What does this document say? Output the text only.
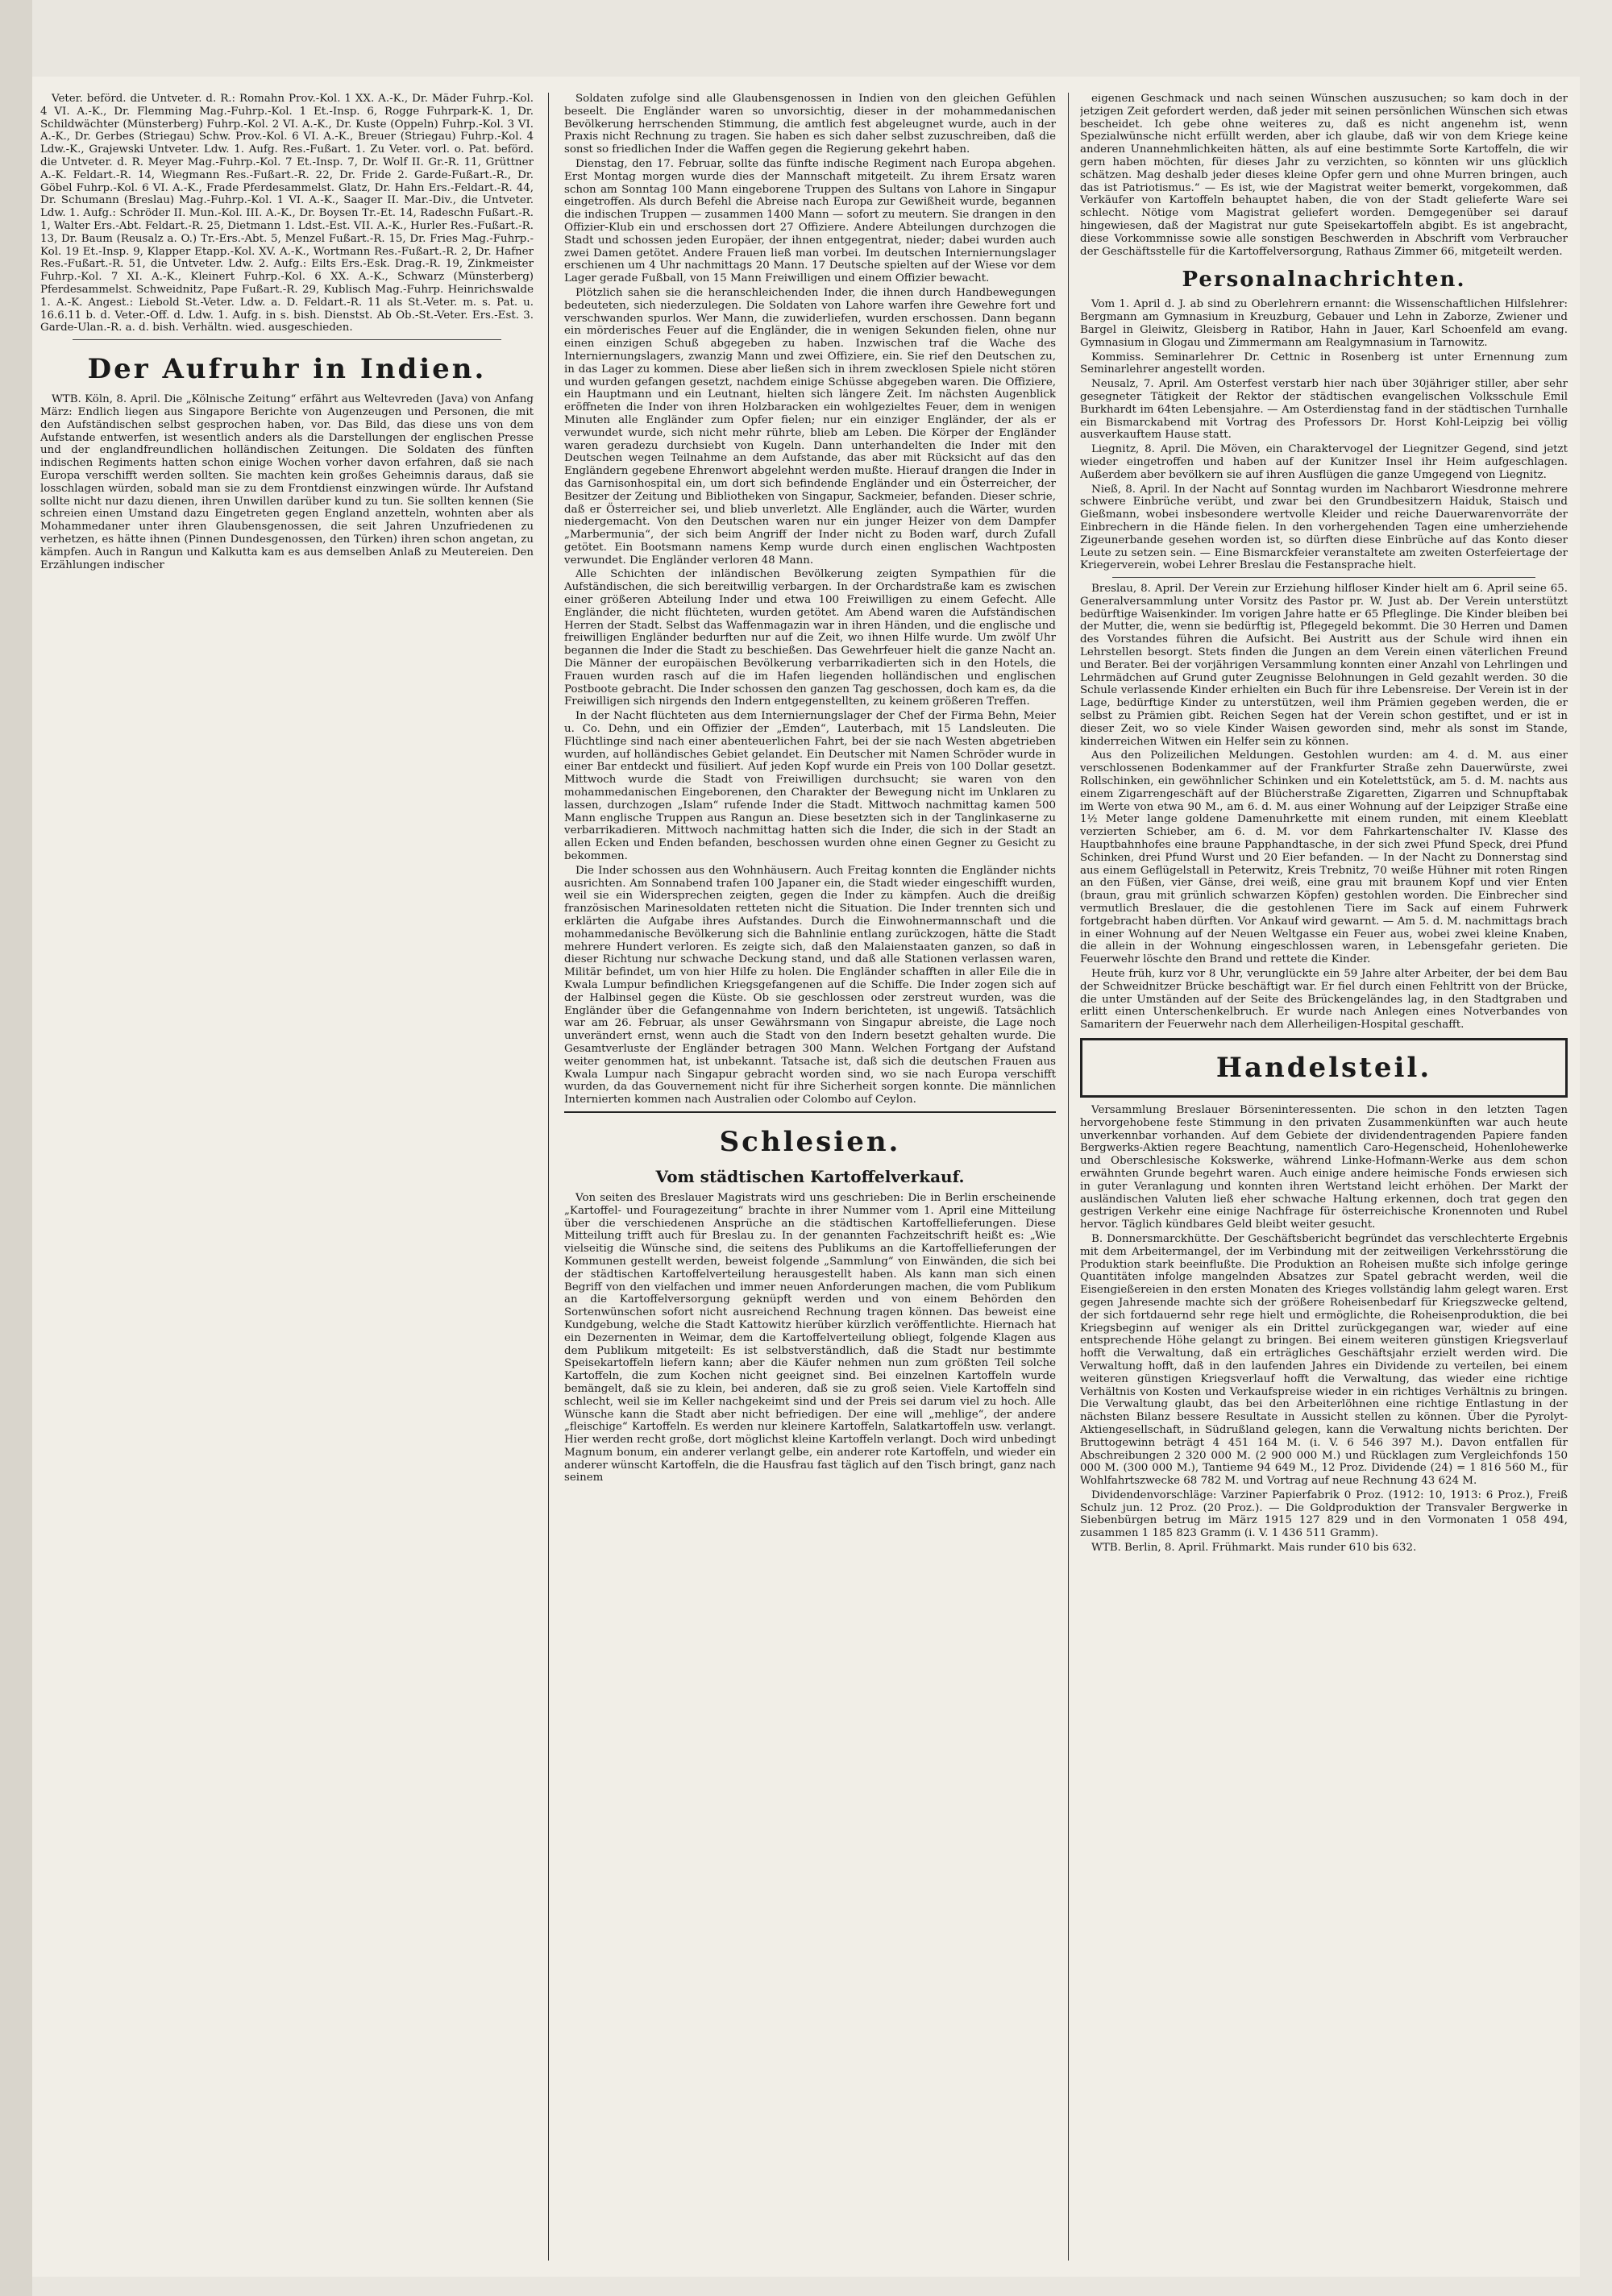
Veter. beförd. die Untveter. d. R.: Romahn Prov.-Kol. 1 XX. A.-K., Dr. Mäder Fuhrp.-Kol. 4 VI. A.-K., Dr. Flemming Mag.-Fuhrp.-Kol. 1 Et.-Insp. 6, Rogge Fuhrpark-K. 1, Dr. Schildwächter (Münsterberg) Fuhrp.-Kol. 2 VI. A.-K., Dr. Kuste (Oppeln) Fuhrp.-Kol. 3 VI. A.-K., Dr. Gerbes (Striegau) Schw. Prov.-Kol. 6 VI. A.-K., Breuer (Striegau) Fuhrp.-Kol. 4 Ldw.-K., Grajewski Untveter. Ldw. 1. Aufg. Res.-Fußart. 1. Zu Veter. vorl. o. Pat. beförd. die Untveter. d. R. Meyer Mag.-Fuhrp.-Kol. 7 Et.-Insp. 7, Dr. Wolf II. Gr.-R. 11, Grüttner A.-K. Feldart.-R. 14, Wiegmann Res.-Fußart.-R. 22, Dr. Fride 2. Garde-Fußart.-R., Dr. Göbel Fuhrp.-Kol. 6 VI. A.-K., Frade Pferdesammelst. Glatz, Dr. Hahn Ers.-Feldart.-R. 44, Dr. Schumann (Breslau) Mag.-Fuhrp.-Kol. 1 VI. A.-K., Saager II. Mar.-Div., die Untveter. Ldw. 1. Aufg.: Schröder II. Mun.-Kol. III. A.-K., Dr. Boysen Tr.-Et. 14, Radeschn Fußart.-R. 1, Walter Ers.-Abt. Feldart.-R. 25, Dietmann 1. Ldst.-Est. VII. A.-K., Hurler Res.-Fußart.-R. 13, Dr. Baum (Reusalz a. O.) Tr.-Ers.-Abt. 5, Menzel Fußart.-R. 15, Dr. Fries Mag.-Fuhrp.-Kol. 19 Et.-Insp. 9, Klapper Etapp.-Kol. XV. A.-K., Wortmann Res.-Fußart.-R. 2, Dr. Hafner Res.-Fußart.-R. 51, die Untveter. Ldw. 2. Aufg.: Eilts Ers.-Esk. Drag.-R. 19, Zinkmeister Fuhrp.-Kol. 7 XI. A.-K., Kleinert Fuhrp.-Kol. 6 XX. A.-K., Schwarz (Münsterberg) Pferdesammelst. Schweidnitz, Pape Fußart.-R. 29, Kublisch Mag.-Fuhrp. Heinrichswalde 1. A.-K. Angest.: Liebold St.-Veter. Ldw. a. D. Feldart.-R. 11 als St.-Veter. m. s. Pat. u. 16.6.11 b. d. Veter.-Off. d. Ldw. 1. Aufg. in s. bish. Dienstst. Ab Ob.-St.-Veter. Ers.-Est. 3. Garde-Ulan.-R. a. d. bish. Verhältn. wied. ausgeschieden.

Der Aufruhr in Indien.

WTB. Köln, 8. April. Die „Kölnische Zeitung“ erfährt aus Weltevreden (Java) von Anfang März: Endlich liegen aus Singapore Berichte von Augenzeugen und Personen, die mit den Aufständischen selbst gesprochen haben, vor. Das Bild, das diese uns von dem Aufstande entwerfen, ist wesentlich anders als die Darstellungen der englischen Presse und der englandfreundlichen holländischen Zeitungen. Die Soldaten des fünften indischen Regiments hatten schon einige Wochen vorher davon erfahren, daß sie nach Europa verschifft werden sollten. Sie machten kein großes Geheimnis daraus, daß sie losschlagen würden, sobald man sie zu dem Frontdienst einzwingen würde. Ihr Aufstand sollte nicht nur dazu dienen, ihren Unwillen darüber kund zu tun. Sie sollten kennen (Sie schreien einen Umstand dazu Eingetreten gegen England anzetteln, wohnten aber als Mohammedaner unter ihren Glaubensgenossen, die seit Jahren Unzufriedenen zu verhetzen, es hätte ihnen (Pinnen Dundesgenossen, den Türken) ihren schon angetan, zu kämpfen. Auch in Rangun und Kalkutta kam es aus demselben Anlaß zu Meutereien. Den Erzählungen indischer

Soldaten zufolge sind alle Glaubensgenossen in Indien von den gleichen Gefühlen beseelt. Die Engländer waren so unvorsichtig, dieser in der mohammedanischen Bevölkerung herrschenden Stimmung, die amtlich fest abgeleugnet wurde, auch in der Praxis nicht Rechnung zu tragen. Sie haben es sich daher selbst zuzuschreiben, daß die sonst so friedlichen Inder die Waffen gegen die Regierung gekehrt haben.

Dienstag, den 17. Februar, sollte das fünfte indische Regiment nach Europa abgehen. Erst Montag morgen wurde dies der Mannschaft mitgeteilt. Zu ihrem Ersatz waren schon am Sonntag 100 Mann eingeborene Truppen des Sultans von Lahore in Singapur eingetroffen. Als durch Befehl die Abreise nach Europa zur Gewißheit wurde, begannen die indischen Truppen — zusammen 1400 Mann — sofort zu meutern. Sie drangen in den Offizier-Klub ein und erschossen dort 27 Offiziere. Andere Abteilungen durchzogen die Stadt und schossen jeden Europäer, der ihnen entgegentrat, nieder; dabei wurden auch zwei Damen getötet. Andere Frauen ließ man vorbei. Im deutschen Interniernungslager erschienen um 4 Uhr nachmittags 20 Mann. 17 Deutsche spielten auf der Wiese vor dem Lager gerade Fußball, von 15 Mann Freiwilligen und einem Offizier bewacht.

Plötzlich sahen sie die heranschleichenden Inder, die ihnen durch Handbewegungen bedeuteten, sich niederzulegen. Die Soldaten von Lahore warfen ihre Gewehre fort und verschwanden spurlos. Wer Mann, die zuwiderliefen, wurden erschossen. Dann begann ein mörderisches Feuer auf die Engländer, die in wenigen Sekunden fielen, ohne nur einen einzigen Schuß abgegeben zu haben. Inzwischen traf die Wache des Interniernungslagers, zwanzig Mann und zwei Offiziere, ein. Sie rief den Deutschen zu, in das Lager zu kommen. Diese aber ließen sich in ihrem zwecklosen Spiele nicht stören und wurden gefangen gesetzt, nachdem einige Schüsse abgegeben waren. Die Offiziere, ein Hauptmann und ein Leutnant, hielten sich längere Zeit. Im nächsten Augenblick eröffneten die Inder von ihren Holzbaracken ein wohlgezieltes Feuer, dem in wenigen Minuten alle Engländer zum Opfer fielen; nur ein einziger Engländer, der als er verwundet wurde, sich nicht mehr rührte, blieb am Leben. Die Körper der Engländer waren geradezu durchsiebt von Kugeln. Dann unterhandelten die Inder mit den Deutschen wegen Teilnahme an dem Aufstande, das aber mit Rücksicht auf das den Engländern gegebene Ehrenwort abgelehnt werden mußte. Hierauf drangen die Inder in das Garnisonhospital ein, um dort sich befindende Engländer und ein Österreicher, der Besitzer der Zeitung und Bibliotheken von Singapur, Sackmeier, befanden. Dieser schrie, daß er Österreicher sei, und blieb unverletzt. Alle Engländer, auch die Wärter, wurden niedergemacht. Von den Deutschen waren nur ein junger Heizer von dem Dampfer „Marbermunia“, der sich beim Angriff der Inder nicht zu Boden warf, durch Zufall getötet. Ein Bootsmann namens Kemp wurde durch einen englischen Wachtposten verwundet. Die Engländer verloren 48 Mann.

Alle Schichten der inländischen Bevölkerung zeigten Sympathien für die Aufständischen, die sich bereitwillig verbargen. In der Orchardstraße kam es zwischen einer größeren Abteilung Inder und etwa 100 Freiwilligen zu einem Gefecht. Alle Engländer, die nicht flüchteten, wurden getötet. Am Abend waren die Aufständischen Herren der Stadt. Selbst das Waffenmagazin war in ihren Händen, und die englische und freiwilligen Engländer bedurften nur auf die Zeit, wo ihnen Hilfe wurde. Um zwölf Uhr begannen die Inder die Stadt zu beschießen. Das Gewehrfeuer hielt die ganze Nacht an. Die Männer der europäischen Bevölkerung verbarrikadierten sich in den Hotels, die Frauen wurden rasch auf die im Hafen liegenden holländischen und englischen Postboote gebracht. Die Inder schossen den ganzen Tag geschossen, doch kam es, da die Freiwilligen sich nirgends den Indern entgegenstellten, zu keinem größeren Treffen.

In der Nacht flüchteten aus dem Interniernungslager der Chef der Firma Behn, Meier u. Co. Dehn, und ein Offizier der „Emden“, Lauterbach, mit 15 Landsleuten. Die Flüchtlinge sind nach einer abenteuerlichen Fahrt, bei der sie nach Westen abgetrieben wurden, auf holländisches Gebiet gelandet. Ein Deutscher mit Namen Schröder wurde in einer Bar entdeckt und füsiliert. Auf jeden Kopf wurde ein Preis von 100 Dollar gesetzt. Mittwoch wurde die Stadt von Freiwilligen durchsucht; sie waren von den mohammedanischen Eingeborenen, den Charakter der Bewegung nicht im Unklaren zu lassen, durchzogen „Islam“ rufende Inder die Stadt. Mittwoch nachmittag kamen 500 Mann englische Truppen aus Rangun an. Diese besetzten sich in der Tanglinkaserne zu verbarrikadieren. Mittwoch nachmittag hatten sich die Inder, die sich in der Stadt an allen Ecken und Enden befanden, beschossen wurden ohne einen Gegner zu Gesicht zu bekommen.

Die Inder schossen aus den Wohnhäusern. Auch Freitag konnten die Engländer nichts ausrichten. Am Sonnabend trafen 100 Japaner ein, die Stadt wieder eingeschifft wurden, weil sie ein Widersprechen zeigten, gegen die Inder zu kämpfen. Auch die dreißig französischen Marinesoldaten retteten nicht die Situation. Die Inder trennten sich und erklärten die Aufgabe ihres Aufstandes. Durch die Einwohnermannschaft und die mohammedanische Bevölkerung sich die Bahnlinie entlang zurückzogen, hätte die Stadt mehrere Hundert verloren. Es zeigte sich, daß den Malaienstaaten ganzen, so daß in dieser Richtung nur schwache Deckung stand, und daß alle Stationen verlassen waren, Militär befindet, um von hier Hilfe zu holen. Die Engländer schafften in aller Eile die in Kwala Lumpur befindlichen Kriegsgefangenen auf die Schiffe. Die Inder zogen sich auf der Halbinsel gegen die Küste. Ob sie geschlossen oder zerstreut wurden, was die Engländer über die Gefangennahme von Indern berichteten, ist ungewiß. Tatsächlich war am 26. Februar, als unser Gewährsmann von Singapur abreiste, die Lage noch unverändert ernst, wenn auch die Stadt von den Indern besetzt gehalten wurde. Die Gesamtverluste der Engländer betragen 300 Mann. Welchen Fortgang der Aufstand weiter genommen hat, ist unbekannt. Tatsache ist, daß sich die deutschen Frauen aus Kwala Lumpur nach Singapur gebracht worden sind, wo sie nach Europa verschifft wurden, da das Gouvernement nicht für ihre Sicherheit sorgen konnte. Die männlichen Internierten kommen nach Australien oder Colombo auf Ceylon.

Schlesien.
Vom städtischen Kartoffelverkauf.

Von seiten des Breslauer Magistrats wird uns geschrieben: Die in Berlin erscheinende „Kartoffel- und Fouragezeitung“ brachte in ihrer Nummer vom 1. April eine Mitteilung über die verschiedenen Ansprüche an die städtischen Kartoffellieferungen. Diese Mitteilung trifft auch für Breslau zu. In der genannten Fachzeitschrift heißt es: „Wie vielseitig die Wünsche sind, die seitens des Publikums an die Kartoffellieferungen der Kommunen gestellt werden, beweist folgende „Sammlung“ von Einwänden, die sich bei der städtischen Kartoffelverteilung herausgestellt haben. Als kann man sich einen Begriff von den vielfachen und immer neuen Anforderungen machen, die vom Publikum an die Kartoffelversorgung geknüpft werden und von einem Behörden den Sortenwünschen sofort nicht ausreichend Rechnung tragen können. Das beweist eine Kundgebung, welche die Stadt Kattowitz hierüber kürzlich veröffentlichte. Hiernach hat ein Dezernenten in Weimar, dem die Kartoffelverteilung obliegt, folgende Klagen aus dem Publikum mitgeteilt: Es ist selbstverständlich, daß die Stadt nur bestimmte Speisekartoffeln liefern kann; aber die Käufer nehmen nun zum größten Teil solche Kartoffeln, die zum Kochen nicht geeignet sind. Bei einzelnen Kartoffeln wurde bemängelt, daß sie zu klein, bei anderen, daß sie zu groß seien. Viele Kartoffeln sind schlecht, weil sie im Keller nachgekeimt sind und der Preis sei darum viel zu hoch. Alle Wünsche kann die Stadt aber nicht befriedigen. Der eine will „mehlige“, der andere „fleischige“ Kartoffeln. Es werden nur kleinere Kartoffeln, Salatkartoffeln usw. verlangt. Hier werden recht große, dort möglichst kleine Kartoffeln verlangt. Doch wird unbedingt Magnum bonum, ein anderer verlangt gelbe, ein anderer rote Kartoffeln, und wieder ein anderer wünscht Kartoffeln, die die Hausfrau fast täglich auf den Tisch bringt, ganz nach seinem

eigenen Geschmack und nach seinen Wünschen auszusuchen; so kam doch in der jetzigen Zeit gefordert werden, daß jeder mit seinen persönlichen Wünschen sich etwas bescheidet. Ich gebe ohne weiteres zu, daß es nicht angenehm ist, wenn Spezialwünsche nicht erfüllt werden, aber ich glaube, daß wir von dem Kriege keine anderen Unannehmlichkeiten hätten, als auf eine bestimmte Sorte Kartoffeln, die wir gern haben möchten, für dieses Jahr zu verzichten, so könnten wir uns glücklich schätzen. Mag deshalb jeder dieses kleine Opfer gern und ohne Murren bringen, auch das ist Patriotismus.“ — Es ist, wie der Magistrat weiter bemerkt, vorgekommen, daß Verkäufer von Kartoffeln behauptet haben, die von der Stadt gelieferte Ware sei schlecht. Nötige vom Magistrat geliefert worden. Demgegenüber sei darauf hingewiesen, daß der Magistrat nur gute Speisekartoffeln abgibt. Es ist angebracht, diese Vorkommnisse sowie alle sonstigen Beschwerden in Abschrift vom Verbraucher der Geschäftsstelle für die Kartoffelversorgung, Rathaus Zimmer 66, mitgeteilt werden.

Personalnachrichten.

Vom 1. April d. J. ab sind zu Oberlehrern ernannt: die Wissenschaftlichen Hilfslehrer: Bergmann am Gymnasium in Kreuzburg, Gebauer und Lehn in Zaborze, Zwiener und Bargel in Gleiwitz, Gleisberg in Ratibor, Hahn in Jauer, Karl Schoenfeld am evang. Gymnasium in Glogau und Zimmermann am Realgymnasium in Tarnowitz.

Kommiss. Seminarlehrer Dr. Cettnic in Rosenberg ist unter Ernennung zum Seminarlehrer angestellt worden.

Neusalz, 7. April. Am Osterfest verstarb hier nach über 30jähriger stiller, aber sehr gesegneter Tätigkeit der Rektor der städtischen evangelischen Volksschule Emil Burkhardt im 64ten Lebensjahre. — Am Osterdienstag fand in der städtischen Turnhalle ein Bismarckabend mit Vortrag des Professors Dr. Horst Kohl-Leipzig bei völlig ausverkauftem Hause statt.

Liegnitz, 8. April. Die Möven, ein Charaktervogel der Liegnitzer Gegend, sind jetzt wieder eingetroffen und haben auf der Kunitzer Insel ihr Heim aufgeschlagen. Außerdem aber bevölkern sie auf ihren Ausflügen die ganze Umgegend von Liegnitz.

Nieß, 8. April. In der Nacht auf Sonntag wurden im Nachbarort Wiesdronne mehrere schwere Einbrüche verübt, und zwar bei den Grundbesitzern Haiduk, Staisch und Gießmann, wobei insbesondere wertvolle Kleider und reiche Dauerwarenvorräte der Einbrechern in die Hände fielen. In den vorhergehenden Tagen eine umherziehende Zigeunerbande gesehen worden ist, so dürften diese Einbrüche auf das Konto dieser Leute zu setzen sein. — Eine Bismarckfeier veranstaltete am zweiten Osterfeiertage der Kriegerverein, wobei Lehrer Breslau die Festansprache hielt.

Breslau, 8. April. Der Verein zur Erziehung hilfloser Kinder hielt am 6. April seine 65. Generalversammlung unter Vorsitz des Pastor pr. W. Just ab. Der Verein unterstützt bedürftige Waisenkinder. Im vorigen Jahre hatte er 65 Pfleglinge. Die Kinder bleiben bei der Mutter, die, wenn sie bedürftig ist, Pflegegeld bekommt. Die 30 Herren und Damen des Vorstandes führen die Aufsicht. Bei Austritt aus der Schule wird ihnen ein Lehrstellen besorgt. Stets finden die Jungen an dem Verein einen väterlichen Freund und Berater. Bei der vorjährigen Versammlung konnten einer Anzahl von Lehrlingen und Lehrmädchen auf Grund guter Zeugnisse Belohnungen in Geld gezahlt werden. 30 die Schule verlassende Kinder erhielten ein Buch für ihre Lebensreise. Der Verein ist in der Lage, bedürftige Kinder zu unterstützen, weil ihm Prämien gegeben werden, die er selbst zu Prämien gibt. Reichen Segen hat der Verein schon gestiftet, und er ist in dieser Zeit, wo so viele Kinder Waisen geworden sind, mehr als sonst im Stande, kinderreichen Witwen ein Helfer sein zu können.

Aus den Polizeilichen Meldungen. Gestohlen wurden: am 4. d. M. aus einer verschlossenen Bodenkammer auf der Frankfurter Straße zehn Dauerwürste, zwei Rollschinken, ein gewöhnlicher Schinken und ein Kotelettstück, am 5. d. M. nachts aus einem Zigarrengeschäft auf der Blücherstraße Zigaretten, Zigarren und Schnupftabak im Werte von etwa 90 M., am 6. d. M. aus einer Wohnung auf der Leipziger Straße eine 1½ Meter lange goldene Damenuhrkette mit einem runden, mit einem Kleeblatt verzierten Schieber, am 6. d. M. vor dem Fahrkartenschalter IV. Klasse des Hauptbahnhofes eine braune Papphandtasche, in der sich zwei Pfund Speck, drei Pfund Schinken, drei Pfund Wurst und 20 Eier befanden. — In der Nacht zu Donnerstag sind aus einem Geflügelstall in Peterwitz, Kreis Trebnitz, 70 weiße Hühner mit roten Ringen an den Füßen, vier Gänse, drei weiß, eine grau mit braunem Kopf und vier Enten (braun, grau mit grünlich schwarzen Köpfen) gestohlen worden. Die Einbrecher sind vermutlich Breslauer, die die gestohlenen Tiere im Sack auf einem Fuhrwerk fortgebracht haben dürften. Vor Ankauf wird gewarnt. — Am 5. d. M. nachmittags brach in einer Wohnung auf der Neuen Weltgasse ein Feuer aus, wobei zwei kleine Knaben, die allein in der Wohnung eingeschlossen waren, in Lebensgefahr gerieten. Die Feuerwehr löschte den Brand und rettete die Kinder.

Heute früh, kurz vor 8 Uhr, verunglückte ein 59 Jahre alter Arbeiter, der bei dem Bau der Schweidnitzer Brücke beschäftigt war. Er fiel durch einen Fehltritt von der Brücke, die unter Umständen auf der Seite des Brückengeländes lag, in den Stadtgraben und erlitt einen Unterschenkelbruch. Er wurde nach Anlegen eines Notverbandes von Samaritern der Feuerwehr nach dem Allerheiligen-Hospital geschafft.

Handelsteil.

Versammlung Breslauer Börseninteressenten. Die schon in den letzten Tagen hervorgehobene feste Stimmung in den privaten Zusammenkünften war auch heute unverkennbar vorhanden. Auf dem Gebiete der dividendentragenden Papiere fanden Bergwerks-Aktien regere Beachtung, namentlich Caro-Hegenscheid, Hohenlohewerke und Oberschlesische Kokswerke, während Linke-Hofmann-Werke aus dem schon erwähnten Grunde begehrt waren. Auch einige andere heimische Fonds erwiesen sich in guter Veranlagung und konnten ihren Wertstand leicht erhöhen. Der Markt der ausländischen Valuten ließ eher schwache Haltung erkennen, doch trat gegen den gestrigen Verkehr eine einige Nachfrage für österreichische Kronennoten und Rubel hervor. Täglich kündbares Geld bleibt weiter gesucht.

B. Donnersmarckhütte. Der Geschäftsbericht begründet das verschlechterte Ergebnis mit dem Arbeitermangel, der im Verbindung mit der zeitweiligen Verkehrsstörung die Produktion stark beeinflußte. Die Produktion an Roheisen mußte sich infolge geringe Quantitäten infolge mangelnden Absatzes zur Spatel gebracht werden, weil die Eisengießereien in den ersten Monaten des Krieges vollständig lahm gelegt waren. Erst gegen Jahresende machte sich der größere Roheisenbedarf für Kriegszwecke geltend, der sich fortdauernd sehr rege hielt und ermöglichte, die Roheisenproduktion, die bei Kriegsbeginn auf weniger als ein Drittel zurückgegangen war, wieder auf eine entsprechende Höhe gelangt zu bringen. Bei einem weiteren günstigen Kriegsverlauf hofft die Verwaltung, daß ein erträgliches Geschäftsjahr erzielt werden wird. Die Verwaltung hofft, daß in den laufenden Jahres ein Dividende zu verteilen, bei einem weiteren günstigen Kriegsverlauf hofft die Verwaltung, das wieder eine richtige Verhältnis von Kosten und Verkaufspreise wieder in ein richtiges Verhältnis zu bringen. Die Verwaltung glaubt, das bei den Arbeiterlöhnen eine richtige Entlastung in der nächsten Bilanz bessere Resultate in Aussicht stellen zu können. Über die Pyrolyt-Aktiengesellschaft, in Südrußland gelegen, kann die Verwaltung nichts berichten. Der Bruttogewinn beträgt 4 451 164 M. (i. V. 6 546 397 M.). Davon entfallen für Abschreibungen 2 320 000 M. (2 900 000 M.) und Rücklagen zum Vergleichfonds 150 000 M. (300 000 M.), Tantieme 94 649 M., 12 Proz. Dividende (24) = 1 816 560 M., für Wohlfahrtszwecke 68 782 M. und Vortrag auf neue Rechnung 43 624 M.

Dividendenvorschläge: Varziner Papierfabrik 0 Proz. (1912: 10, 1913: 6 Proz.), Freiß Schulz jun. 12 Proz. (20 Proz.). — Die Goldproduktion der Transvaler Bergwerke in Siebenbürgen betrug im März 1915 127 829 und in den Vormonaten 1 058 494, zusammen 1 185 823 Gramm (i. V. 1 436 511 Gramm).

WTB. Berlin, 8. April. Frühmarkt. Mais runder 610 bis 632.
